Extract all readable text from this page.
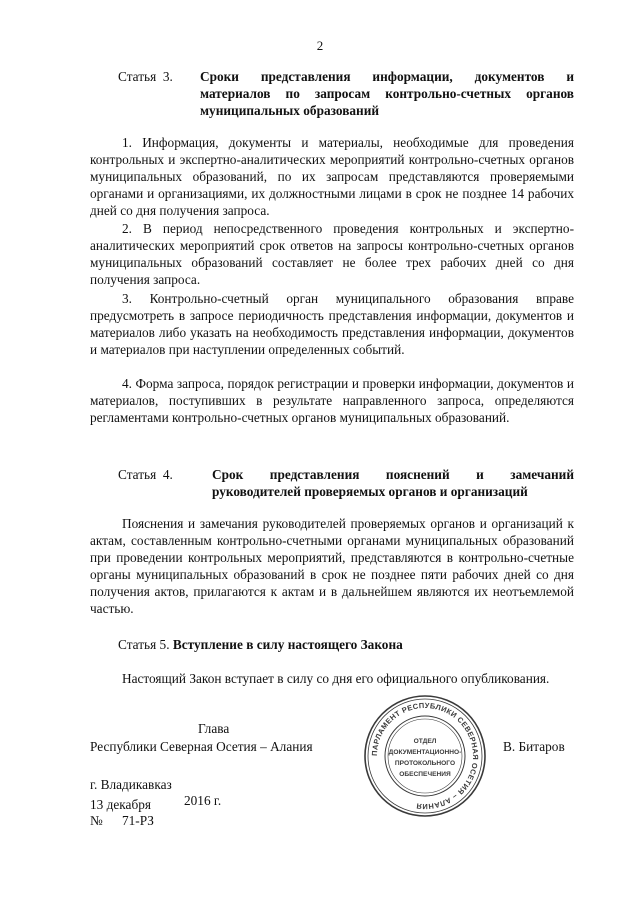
2
Статья  3. Сроки представления информации, документов и
материалов по запросам контрольно-счетных органов
муниципальных образований

1. Информация, документы и материалы, необходимые для проведения контрольных и экспертно-аналитических мероприятий контрольно-счетных органов муниципальных образований, по их запросам представляются проверяемыми органами и организациями, их должностными лицами в срок не позднее 14 рабочих дней со дня получения запроса.

2. В период непосредственного проведения контрольных и экспертно-аналитических мероприятий срок ответов на запросы контрольно-счетных органов муниципальных образований составляет не более трех рабочих дней со дня получения запроса.

3. Контрольно-счетный орган муниципального образования вправе предусмотреть в запросе периодичность представления информации, документов и материалов либо указать на необходимость представления информации, документов и материалов при наступлении определенных событий.

4. Форма запроса, порядок регистрации и проверки информации, документов и материалов, поступивших в результате направленного запроса, определяются регламентами контрольно-счетных органов муниципальных образований.

Статья  4.	Срок представления пояснений и замечаний
руководителей проверяемых органов и организаций

Пояснения и замечания руководителей проверяемых органов и организаций к актам, составленным контрольно-счетными органами муниципальных образований при проведении контрольных мероприятий, представляются в контрольно-счетные органы муниципальных образований в срок не позднее пяти рабочих дней со дня получения актов, прилагаются к актам и в дальнейшем являются их неотъемлемой частью.

Статья 5. Вступление в силу настоящего Закона

Настоящий Закон вступает в силу со дня его официального опубликования.

Глава
Республики Северная Осетия – Алания	В. Битаров
г. Владикавказ
13 декабря 2016 г.
№ 71-РЗ
ПАРЛАМЕНТ РЕСПУБЛИКИ СЕВЕРНАЯ ОСЕТИЯ – АЛАНИЯ
ОТДЕЛ
ДОКУМЕНТАЦИОННО-
ПРОТОКОЛЬНОГО
ОБЕСПЕЧЕНИЯ
